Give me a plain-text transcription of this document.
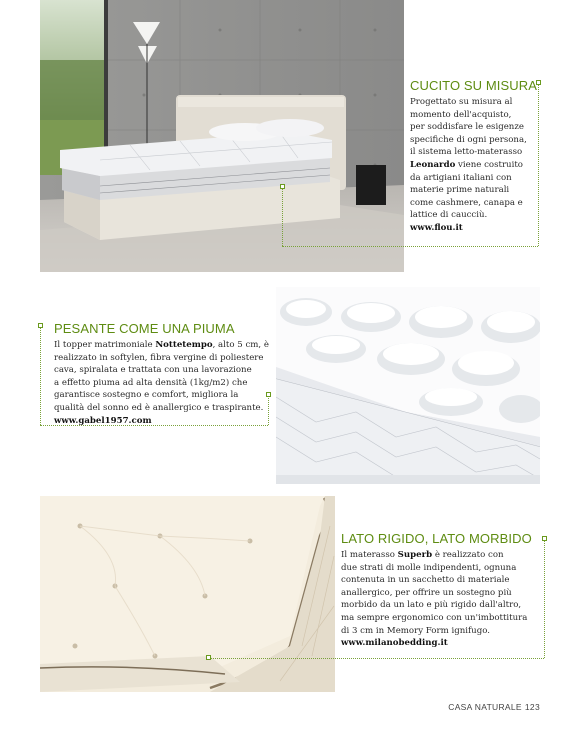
CUCITO SU MISURA
Progettato su misura al
momento dell'acquisto,
per soddisfare le esigenze
specifiche di ogni persona,
il sistema letto-materasso
Leonardo viene costruito
da artigiani italiani con
materie prime naturali
come cashmere, canapa e
lattice di caucciù.
www.flou.it
PESANTE COME UNA PIUMA
Il topper matrimoniale Nottetempo, alto 5 cm, è
realizzato in softylen, fibra vergine di poliestere
cava, spiralata e trattata con una lavorazione
a effetto piuma ad alta densità (1kg/m2) che
garantisce sostegno e comfort, migliora la
qualità del sonno ed è anallergico e traspirante.
www.gabel1957.com
LATO RIGIDO, LATO MORBIDO
Il materasso Superb è realizzato con
due strati di molle indipendenti, ognuna
contenuta in un sacchetto di materiale
anallergico, per offrire un sostegno più
morbido da un lato e più rigido dall'altro,
ma sempre ergonomico con un'imbottitura
di 3 cm in Memory Form ignifugo.
www.milanobedding.it
CASA NATURALE 123
